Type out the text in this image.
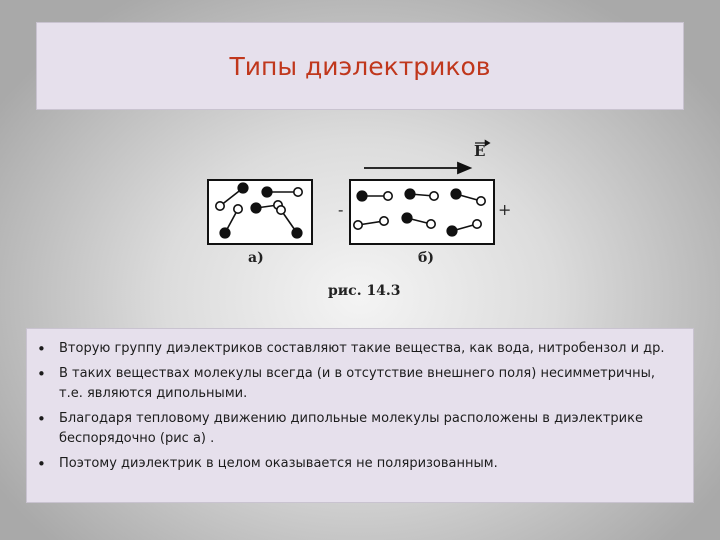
Типы диэлектриков
E
-	+
а)	б)
рис. 14.3
• Вторую группу диэлектриков составляют такие вещества, как вода, нитробензол и др.
• В таких веществах молекулы всегда (и в отсутствие внешнего поля) несимметричны, т.е. являются дипольными.
• Благодаря тепловому движению дипольные молекулы расположены в диэлектрике беспорядочно (рис а) .
• Поэтому диэлектрик в целом оказывается не поляризованным.
